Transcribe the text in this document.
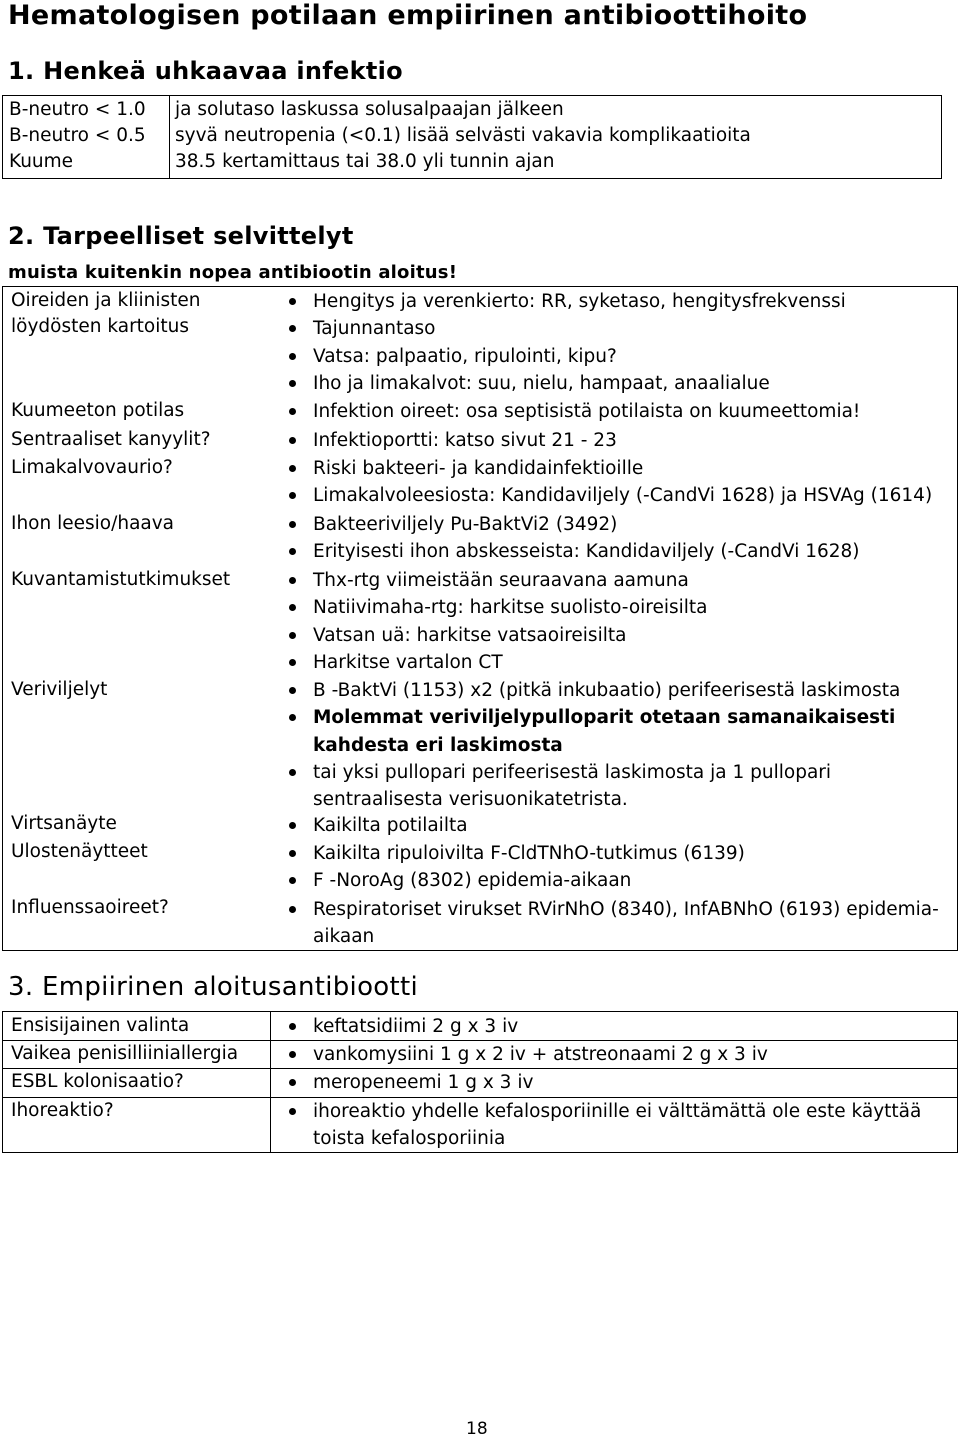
Hematologisen potilaan empiirinen antibioottihoito
1. Henkeä uhkaavaa infektio
B-neutro < 1.0 ja solutaso laskussa solusalpaajan jälkeen
B-neutro < 0.5 syvä neutropenia (<0.1) lisää selvästi vakavia komplikaatioita
Kuume	38.5 kertamittaus tai 38.0 yli tunnin ajan
2. Tarpeelliset selvittelyt

muista kuitenkin nopea antibiootin aloitus!

Oireiden ja kliinisten
löydösten kartoitus
Hengitys ja verenkierto: RR, syketaso, hengitysfrekvenssi
Tajunnantaso
Vatsa: palpaatio, ripulointi, kipu?
Iho ja limakalvot: suu, nielu, hampaat, anaalialue
Kuumeeton potilas	Infektion oireet: osa septisistä potilaista on kuumeettomia!
Sentraaliset kanyylit?	Infektioportti: katso sivut 21 - 23
Limakalvovaurio?	Riski bakteeri- ja kandidainfektioille
Limakalvoleesiosta: Kandidaviljely (-CandVi 1628) ja HSVAg (1614)
Ihon leesio/haava	Bakteeriviljely Pu-BaktVi2 (3492)
Erityisesti ihon abskesseista: Kandidaviljely (-CandVi 1628)
Kuvantamistutkimukset	Thx-rtg viimeistään seuraavana aamuna
Natiivimaha-rtg: harkitse suolisto-oireisilta
Vatsan uä: harkitse vatsaoireisilta
Harkitse vartalon CT
Veriviljelyt	B -BaktVi (1153) x2 (pitkä inkubaatio) perifeerisestä laskimosta
Molemmat veriviljelypulloparit otetaan samanaikaisesti
kahdesta eri laskimosta
tai yksi pullopari perifeerisestä laskimosta ja 1 pullopari
sentraalisesta verisuonikatetrista.
Virtsanäyte	Kaikilta potilailta
Ulostenäytteet	Kaikilta ripuloivilta F-CldTNhO-tutkimus (6139)
F -NoroAg (8302) epidemia-aikaan
Influenssaoireet?	Respiratoriset virukset RVirNhO (8340), InfABNhO (6193) epidemia-
aikaan
3. Empiirinen aloitusantibiootti
Ensisijainen valinta	keftatsidiimi 2 g x 3 iv
Vaikea penisilliiniallergia	vankomysiini 1 g x 2 iv + atstreonaami 2 g x 3 iv
ESBL kolonisaatio?	meropeneemi 1 g x 3 iv
Ihoreaktio?	ihoreaktio yhdelle kefalosporiinille ei välttämättä ole este käyttää
toista kefalosporiinia
18
